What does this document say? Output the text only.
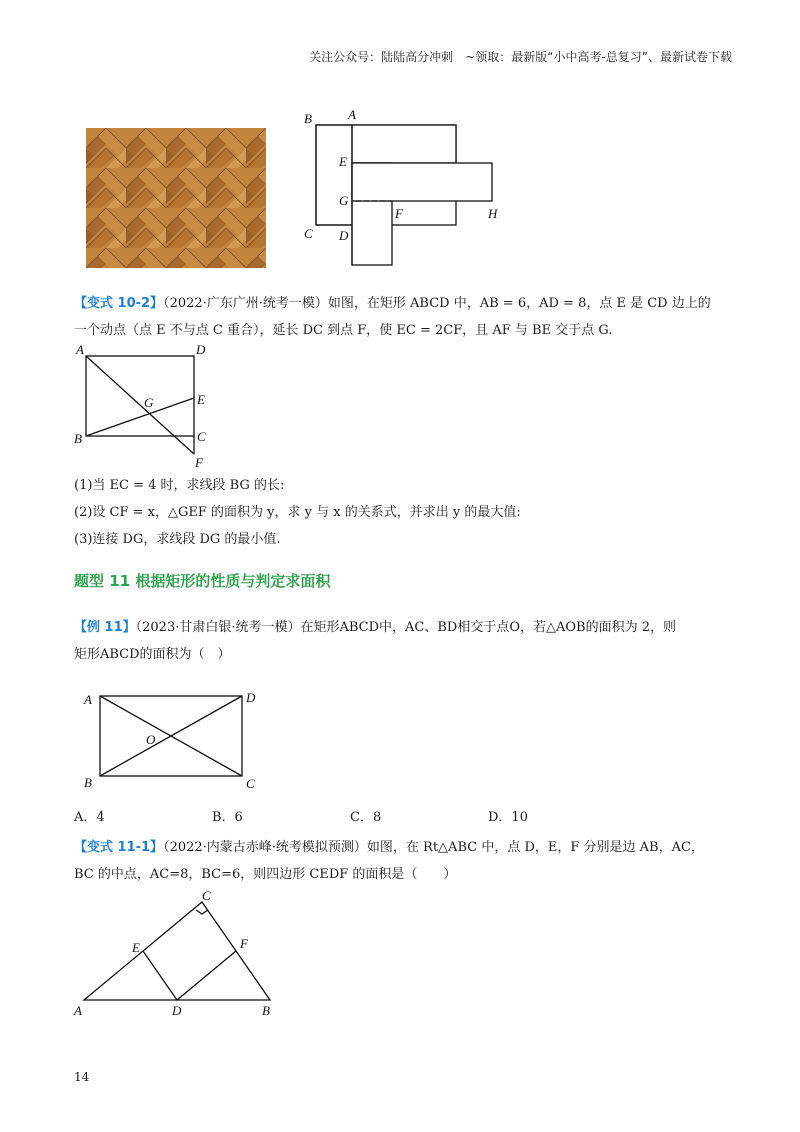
关注公众号：陆陆高分冲刺　~领取：最新版“小中高考-总复习”、最新试卷下载
B	A
E
G
F	H
C D
【变式 10-2】（2022·广东广州·统考一模）如图，在矩形 ABCD 中，AB = 6，AD = 8，点 E 是 CD 边上的
一个动点（点 E 不与点 C 重合），延长 DC 到点 F，使 EC = 2CF，且 AF 与 BE 交于点 G.
A	D
G	E
B	C
F
(1)当 EC = 4 时，求线段 BG 的长:
(2)设 CF = x，△GEF 的面积为 y，求 y 与 x 的关系式，并求出 y 的最大值:
(3)连接 DG，求线段 DG 的最小值.
题型 11 根据矩形的性质与判定求面积
【例 11】（2023·甘肃白银·统考一模）在矩形ABCD中，AC、BD相交于点O，若△AOB的面积为 2，则
矩形ABCD的面积为（　）
A	D
O
B	C
A．4	B．6	C．8	D．10
【变式 11-1】（2022·内蒙古赤峰·统考模拟预测）如图，在 Rt△ABC 中，点 D，E，F 分别是边 AB，AC，
BC 的中点，AC=8，BC=6，则四边形 CEDF 的面积是（　　）
C
E	F
A	D	B
14
